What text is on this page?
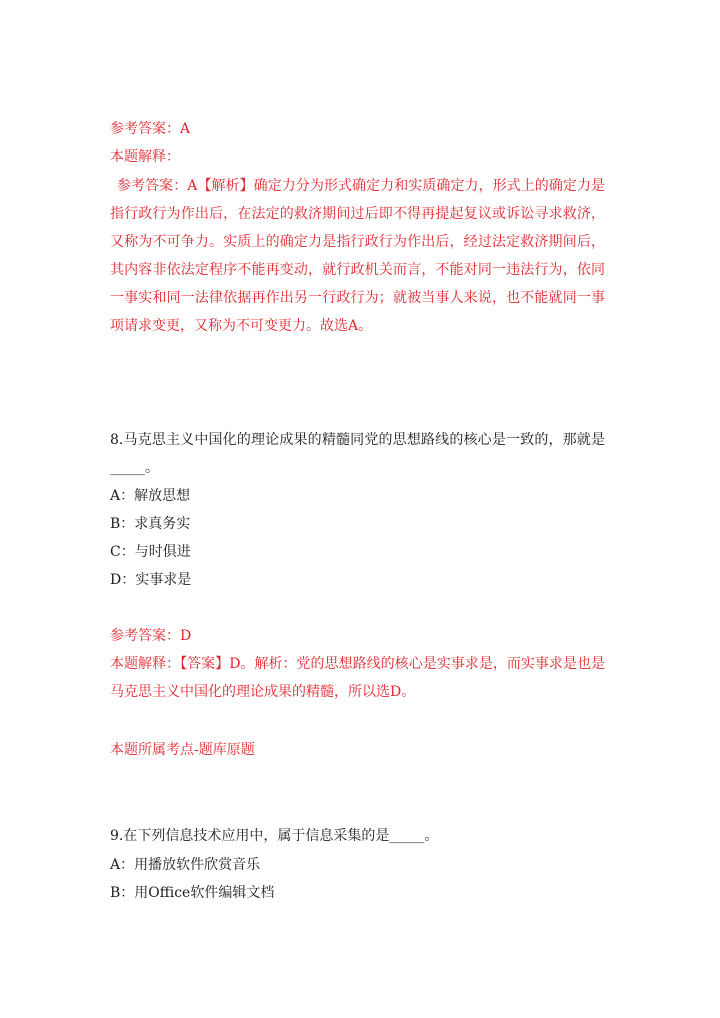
参考答案：A
本题解释：
参考答案：A【解析】确定力分为形式确定力和实质确定力，形式上的确定力是指行政行为作出后，在法定的救济期间过后即不得再提起复议或诉讼寻求救济，又称为不可争力。实质上的确定力是指行政行为作出后，经过法定救济期间后，其内容非依法定程序不能再变动，就行政机关而言，不能对同一违法行为，依同一事实和同一法律依据再作出另一行政行为；就被当事人来说，也不能就同一事项请求变更，又称为不可变更力。故选A。
8.马克思主义中国化的理论成果的精髓同党的思想路线的核心是一致的，那就是_____。
A：解放思想
B：求真务实
C：与时俱进
D：实事求是
参考答案：D
本题解释：【答案】D。解析：党的思想路线的核心是实事求是，而实事求是也是马克思主义中国化的理论成果的精髓，所以选D。
本题所属考点-题库原题
9.在下列信息技术应用中，属于信息采集的是_____。
A：用播放软件欣赏音乐
B：用Office软件编辑文档
